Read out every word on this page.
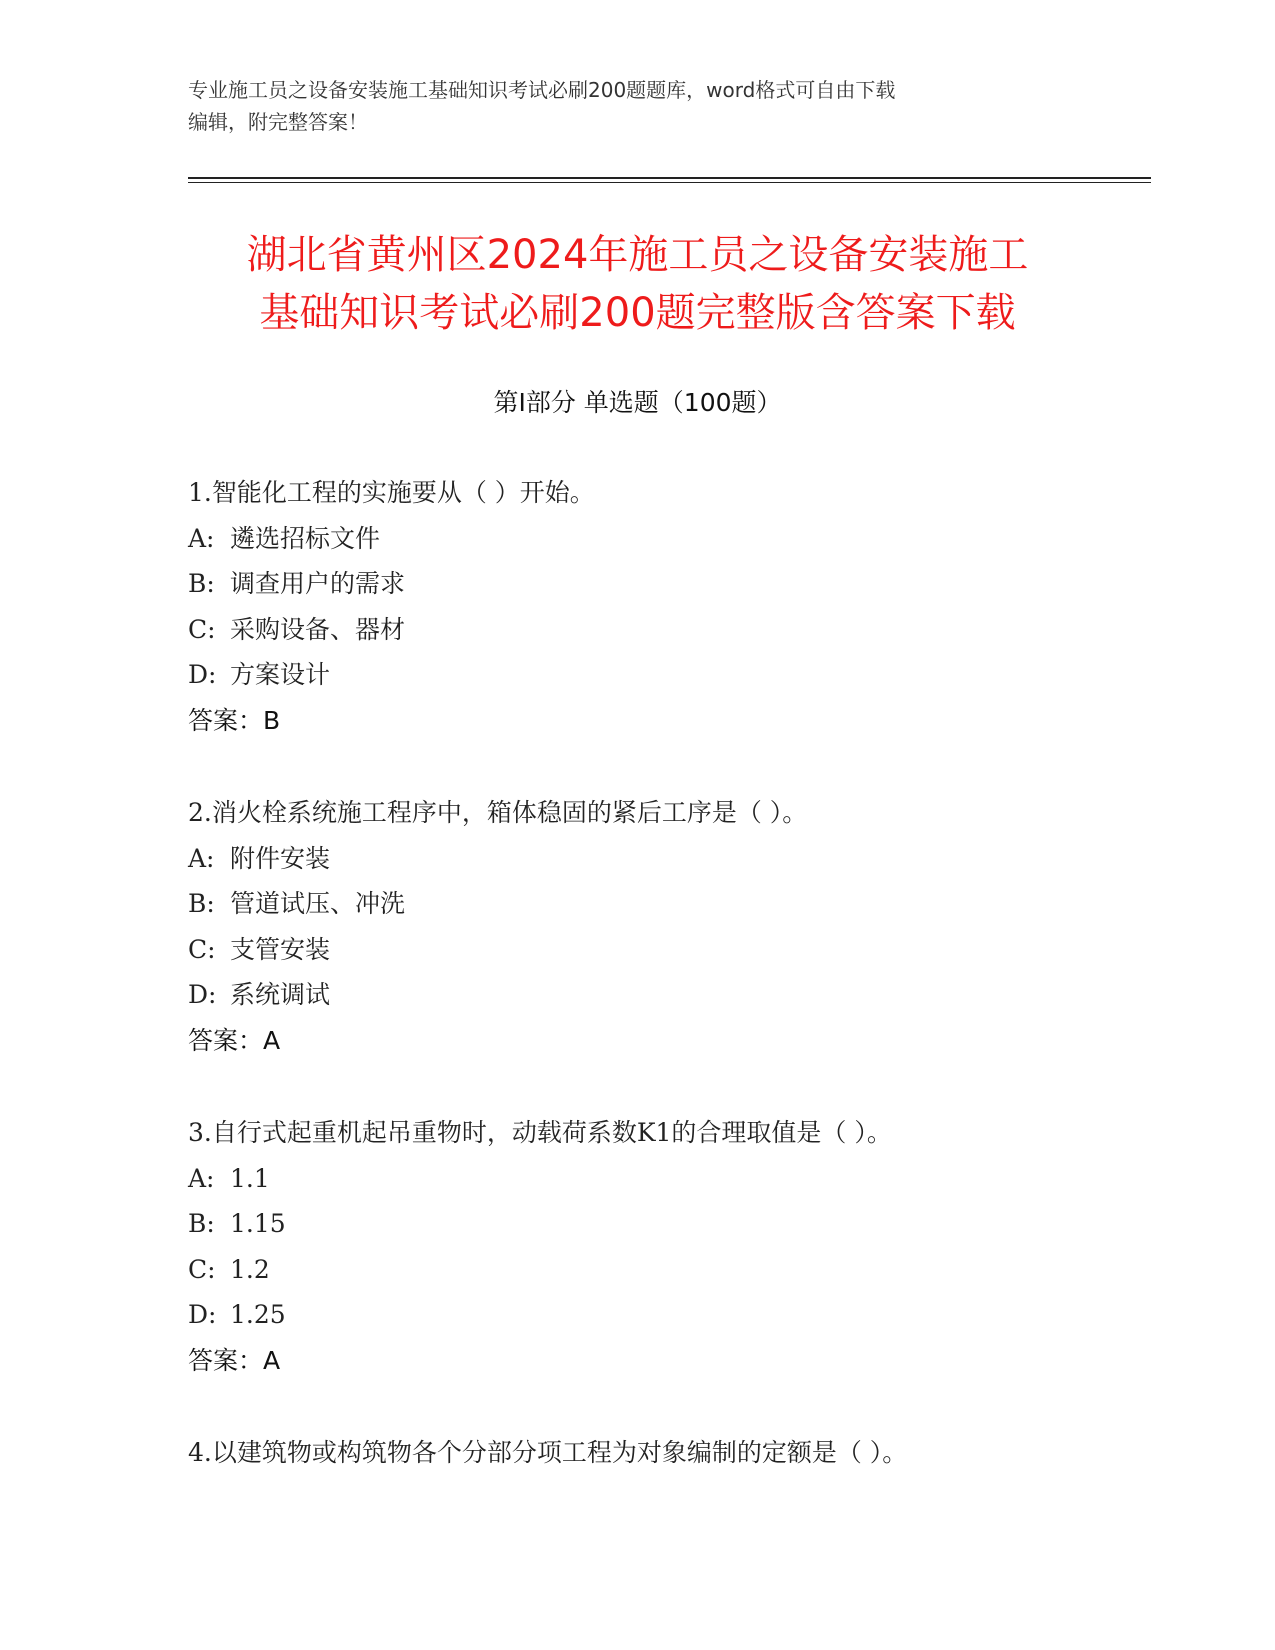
专业施工员之设备安装施工基础知识考试必刷200题题库，word格式可自由下载
编辑，附完整答案！
湖北省黄州区2024年施工员之设备安装施工
基础知识考试必刷200题完整版含答案下载
第I部分 单选题（100题）
1.智能化工程的实施要从（ ）开始。
A: 遴选招标文件
B: 调查用户的需求
C: 采购设备、器材
D: 方案设计
答案：B
2.消火栓系统施工程序中，箱体稳固的紧后工序是（ ）。
A: 附件安装
B: 管道试压、冲洗
C: 支管安装
D: 系统调试
答案：A
3.自行式起重机起吊重物时，动载荷系数K1的合理取值是（ ）。
A: 1.1
B: 1.15
C: 1.2
D: 1.25
答案：A
4.以建筑物或构筑物各个分部分项工程为对象编制的定额是（ ）。
